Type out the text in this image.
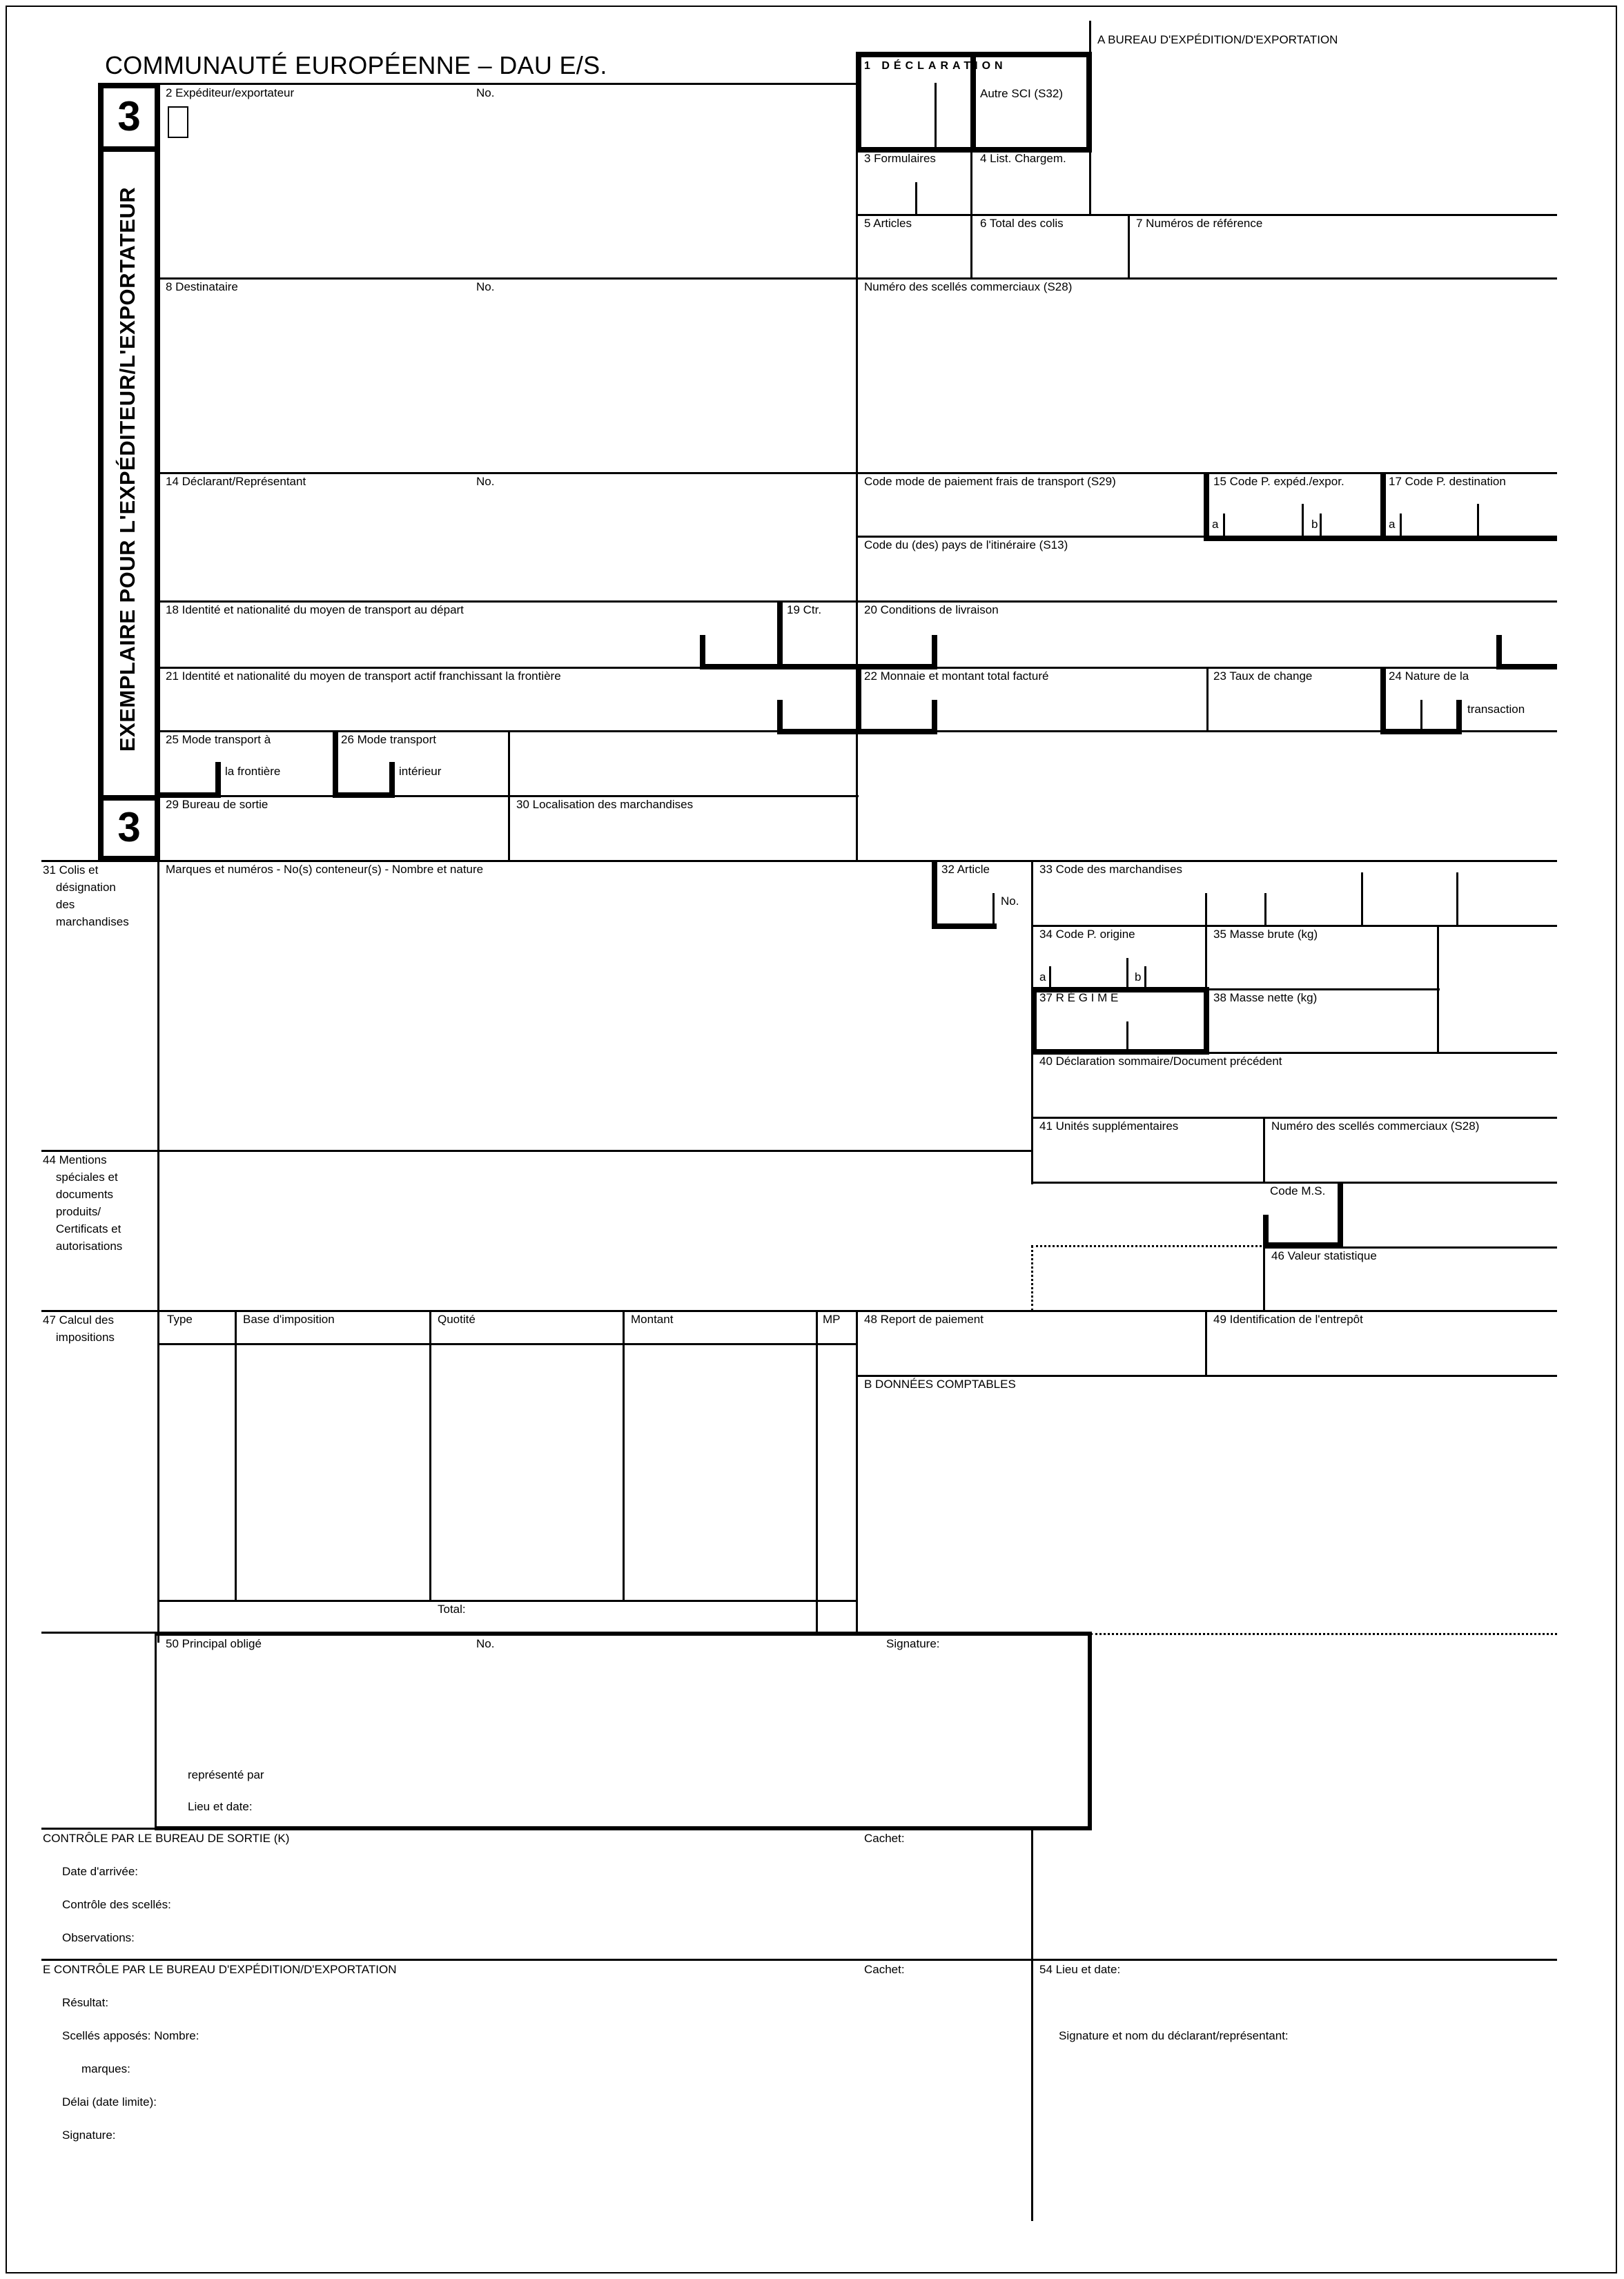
COMMUNAUTÉ EUROPÉENNE – DAU E/S.
A BUREAU D'EXPÉDITION/D'EXPORTATION
1 DÉCLARATION
Autre SCI (S32)
3
EXEMPLAIRE POUR L'EXPÉDITEUR/L'EXPORTATEUR
3
2 Expéditeur/exportateur	No.
3 Formulaires	4 List. Chargem.
5 Articles	6 Total des colis	7 Numéros de référence
8 Destinataire	No.	Numéro des scellés commerciaux (S28)
14 Déclarant/Représentant	No.	Code mode de paiement frais de transport (S29)	15 Code P. expéd./expor.	17 Code P. destination
a	b	a
Code du (des) pays de l'itinéraire (S13)
18 Identité et nationalité du moyen de transport au départ	19 Ctr.	20 Conditions de livraison
21 Identité et nationalité du moyen de transport actif franchissant la frontière	22 Monnaie et montant total facturé	23 Taux de change	24 Nature de la
transaction
25 Mode transport à
la frontière
26 Mode transport
intérieur
29 Bureau de sortie	30 Localisation des marchandises
31 Colis et
désignation
des
marchandises
Marques et numéros - No(s) conteneur(s) - Nombre et nature	32 Article
No.
33 Code des marchandises
34 Code P. origine	35 Masse brute (kg)
a	b
37 R É G I M E	38 Masse nette (kg)
40 Déclaration sommaire/Document précédent
41 Unités supplémentaires	Numéro des scellés commerciaux (S28)
44 Mentions
spéciales et
documents
produits/
Certificats et
autorisations
Code M.S.
46 Valeur statistique
47 Calcul des
impositions
Type	Base d'imposition	Quotité	Montant	MP
Total:
48 Report de paiement	49 Identification de l'entrepôt
B DONNÉES COMPTABLES
50 Principal obligé	No.	Signature:
représenté par
Lieu et date:
CONTRÔLE PAR LE BUREAU DE SORTIE (K)	Cachet:
Date d'arrivée:
Contrôle des scellés:
Observations:
E CONTRÔLE PAR LE BUREAU D'EXPÉDITION/D'EXPORTATION	Cachet:	54 Lieu et date:
Résultat:
Scellés apposés: Nombre:	Signature et nom du déclarant/représentant:
marques:
Délai (date limite):
Signature:
